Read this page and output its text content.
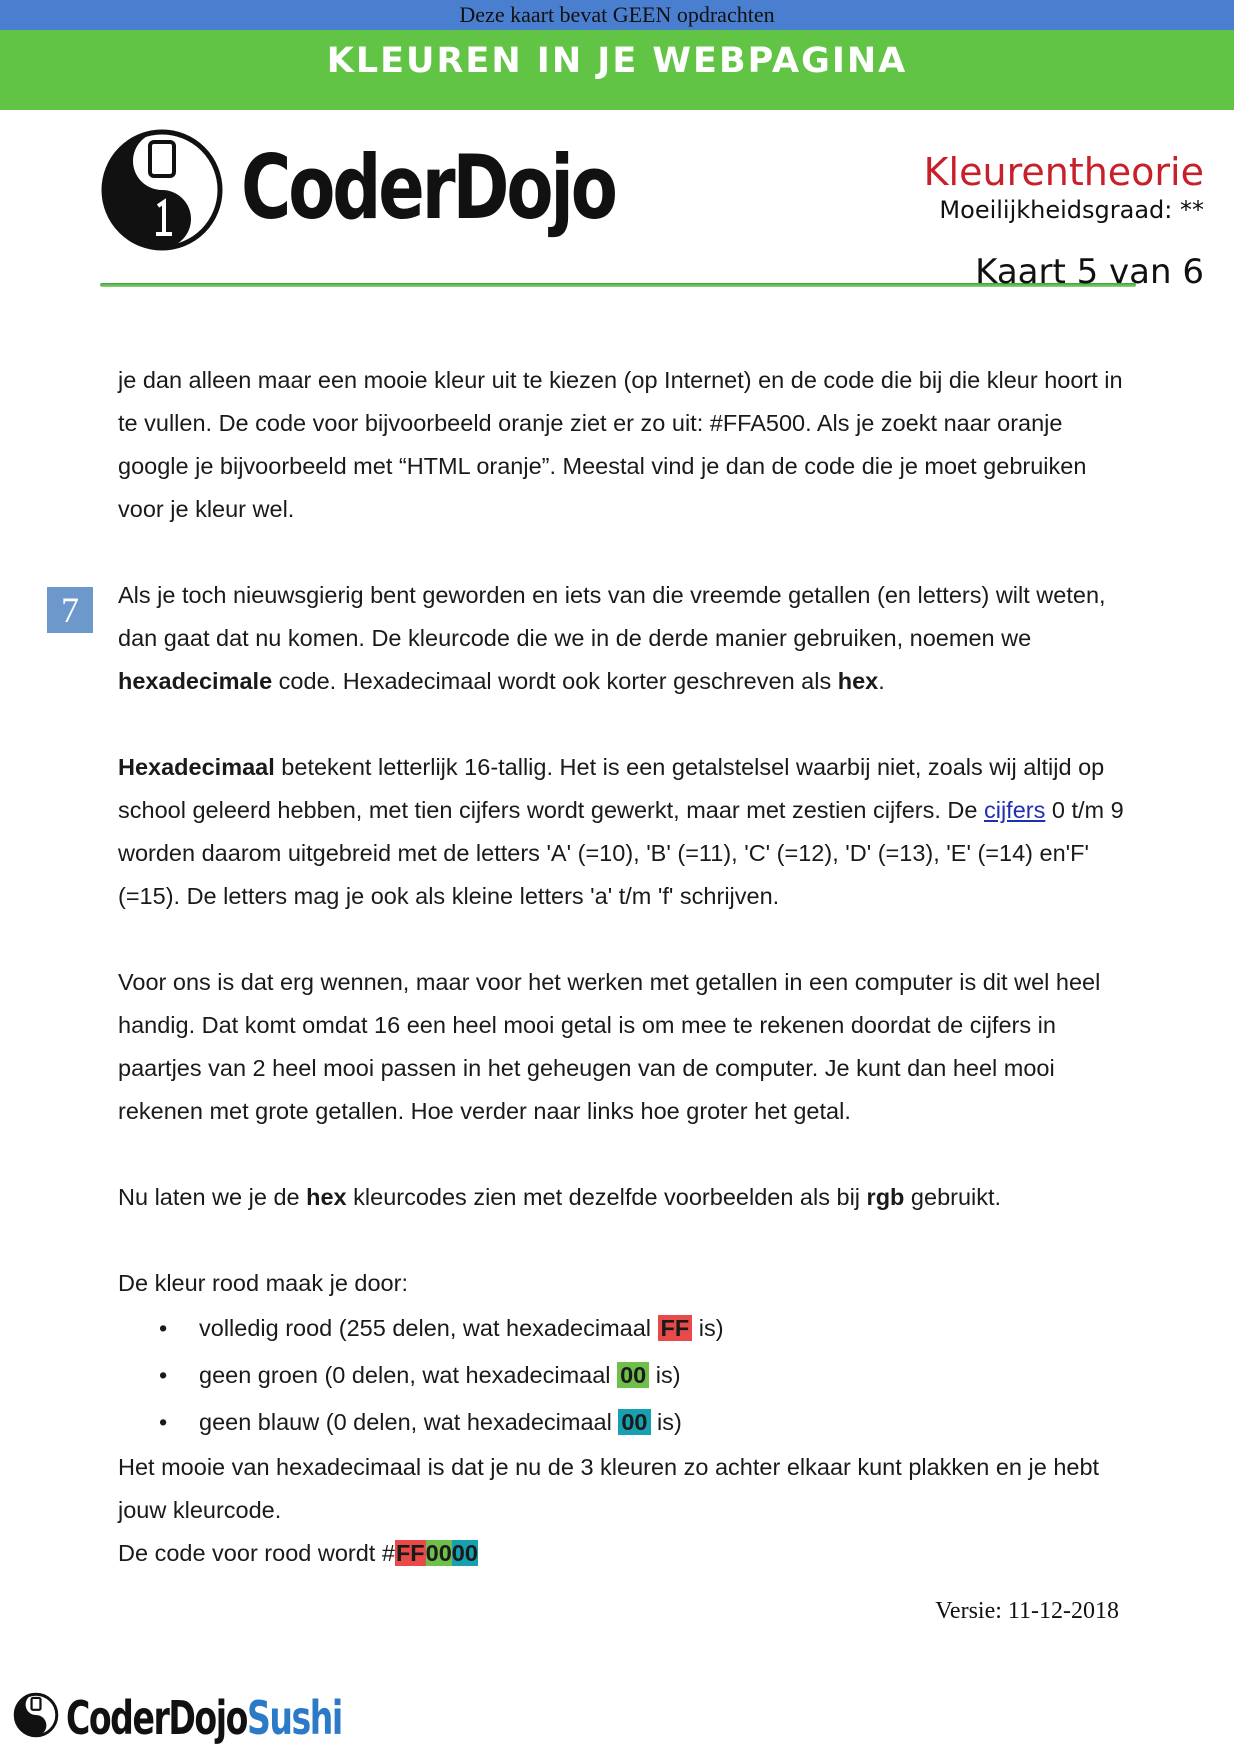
Deze kaart bevat GEEN opdrachten
KLEUREN IN JE WEBPAGINA
CoderDojo	Kleurentheorie
Moeilijkheidsgraad: **
Kaart 5 van 6
7

je dan alleen maar een mooie kleur uit te kiezen (op Internet) en de code die bij die kleur hoort in te vullen. De code voor bijvoorbeeld oranje ziet er zo uit: #FFA500. Als je zoekt naar oranje google je bijvoorbeeld met “HTML oranje”. Meestal vind je dan de code die je moet gebruiken voor je kleur wel.

Als je toch nieuwsgierig bent geworden en iets van die vreemde getallen (en letters) wilt weten, dan gaat dat nu komen. De kleurcode die we in de derde manier gebruiken, noemen we hexadecimale code. Hexadecimaal wordt ook korter geschreven als hex.

Hexadecimaal betekent letterlijk 16-tallig. Het is een getalstelsel waarbij niet, zoals wij altijd op school geleerd hebben, met tien cijfers wordt gewerkt, maar met zestien cijfers. De cijfers 0 t/m 9 worden daarom uitgebreid met de letters 'A' (=10), 'B' (=11), 'C' (=12), 'D' (=13), 'E' (=14) en'F' (=15). De letters mag je ook als kleine letters 'a' t/m 'f' schrijven.

Voor ons is dat erg wennen, maar voor het werken met getallen in een computer is dit wel heel handig. Dat komt omdat 16 een heel mooi getal is om mee te rekenen doordat de cijfers in paartjes van 2 heel mooi passen in het geheugen van de computer. Je kunt dan heel mooi rekenen met grote getallen. Hoe verder naar links hoe groter het getal.

Nu laten we je de hex kleurcodes zien met dezelfde voorbeelden als bij rgb gebruikt.

De kleur rood maak je door:

• volledig rood (255 delen, wat hexadecimaal FF is)
• geen groen (0 delen, wat hexadecimaal 00 is)
• geen blauw (0 delen, wat hexadecimaal 00 is)

Het mooie van hexadecimaal is dat je nu de 3 kleuren zo achter elkaar kunt plakken en je hebt jouw kleurcode.

De code voor rood wordt #FF0000

Versie: 11-12-2018
CoderDojoSushi
